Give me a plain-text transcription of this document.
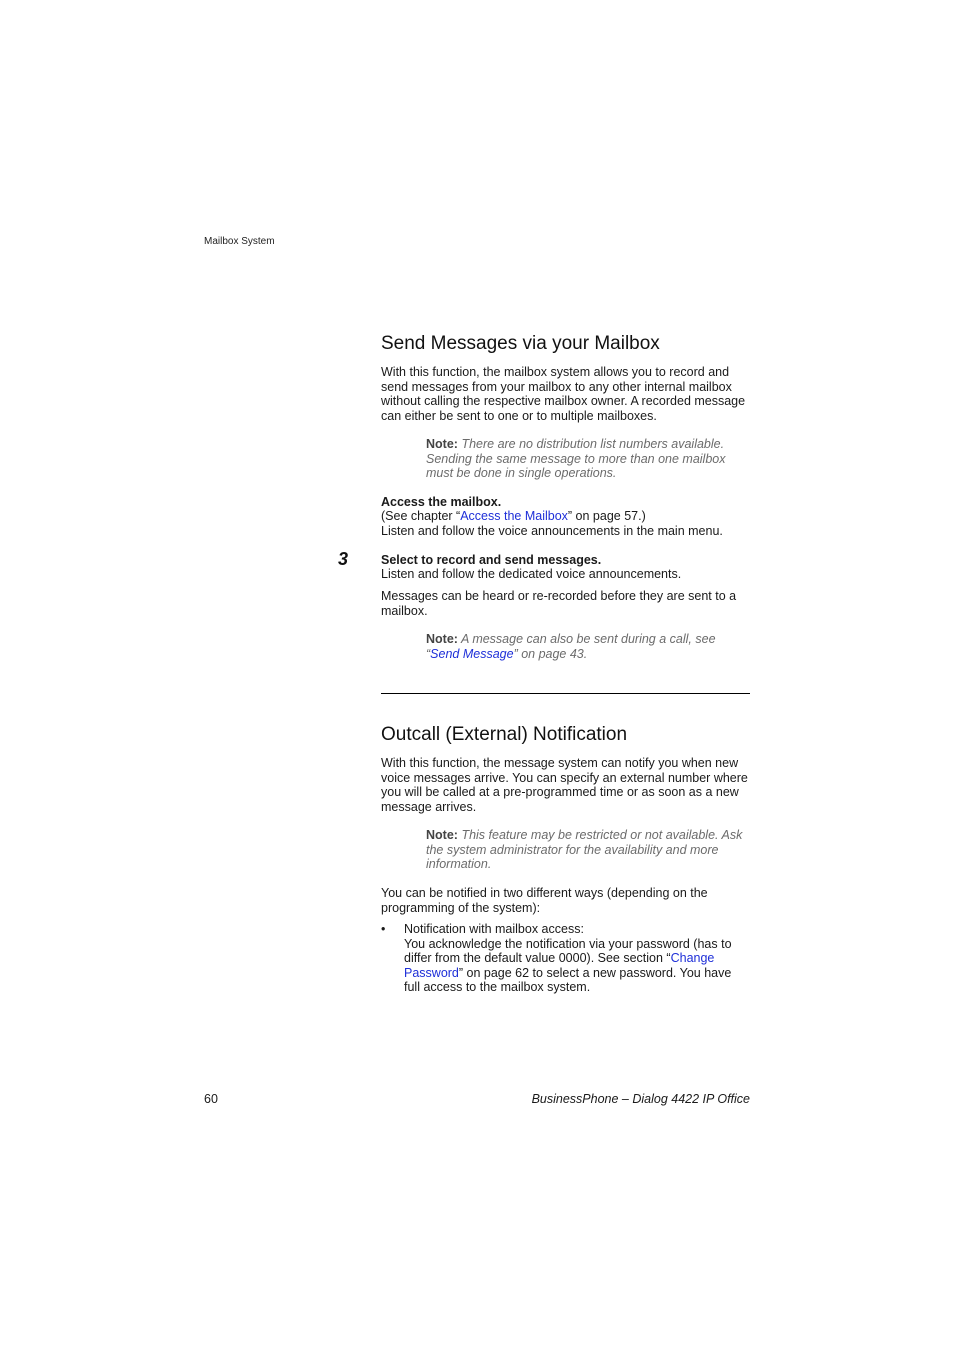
Mailbox System
Send Messages via your Mailbox

With this function, the mailbox system allows you to record and send messages from your mailbox to any other internal mailbox without calling the respective mailbox owner. A recorded message can either be sent to one or to multiple mailboxes.

Note: There are no distribution list numbers available. Sending the same message to more than one mailbox must be done in single operations.

Access the mailbox.

(See chapter “Access the Mailbox” on page 57.)

Listen and follow the voice announcements in the main menu.

3	Select to record and send messages.

Listen and follow the dedicated voice announcements.

Messages can be heard or re-recorded before they are sent to a mailbox.

Note: A message can also be sent during a call, see “Send Message” on page 43.

Outcall (External) Notification

With this function, the message system can notify you when new voice messages arrive. You can specify an external number where you will be called at a pre-programmed time or as soon as a new message arrives.

Note: This feature may be restricted or not available. Ask the system administrator for the availability and more information.

You can be notified in two different ways (depending on the programming of the system):

• Notification with mailbox access:
You acknowledge the notification via your password (has to differ from the default value 0000). See section “Change Password” on page 62 to select a new password. You have full access to the mailbox system.
60	BusinessPhone – Dialog 4422 IP Office
